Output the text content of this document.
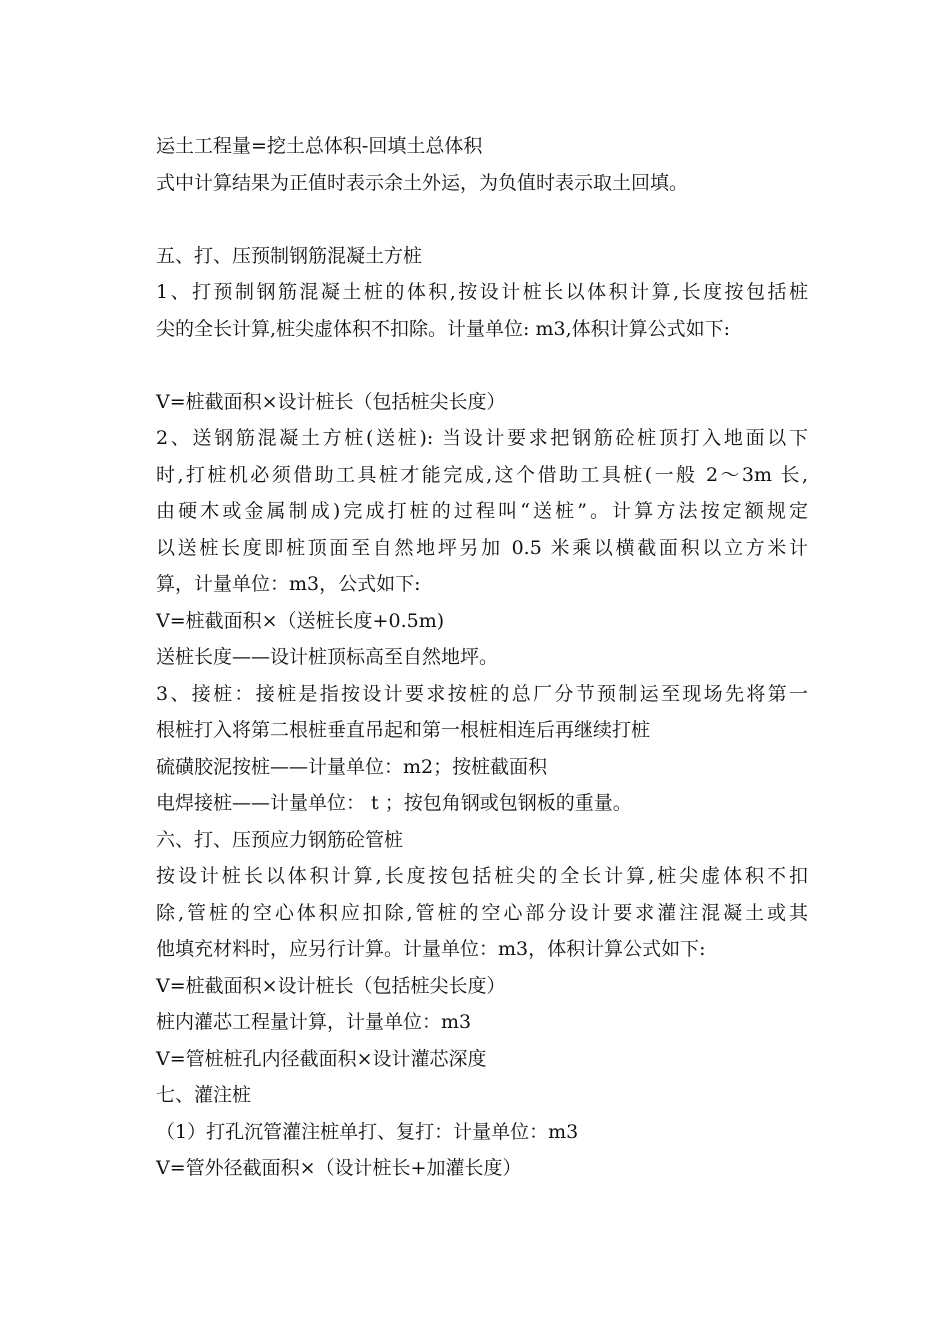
运土工程量=挖土总体积-回填土总体积
式中计算结果为正值时表示余土外运，为负值时表示取土回填。
五、打、压预制钢筋混凝土方桩
1、打预制钢筋混凝土桩的体积,按设计桩长以体积计算,长度按包括桩
尖的全长计算,桩尖虚体积不扣除。计量单位: m3,体积计算公式如下:
V=桩截面积×设计桩长（包括桩尖长度）
2、送钢筋混凝土方桩(送桩): 当设计要求把钢筋砼桩顶打入地面以下
时,打桩机必须借助工具桩才能完成,这个借助工具桩(一般 2～3m 长,
由硬木或金属制成)完成打桩的过程叫“送桩”。计算方法按定额规定
以送桩长度即桩顶面至自然地坪另加 0.5 米乘以横截面积以立方米计
算，计量单位：m3，公式如下:
V=桩截面积×（送桩长度+0.5m)
送桩长度——设计桩顶标高至自然地坪。
3、接桩：接桩是指按设计要求按桩的总厂分节预制运至现场先将第一
根桩打入将第二根桩垂直吊起和第一根桩相连后再继续打桩
硫磺胶泥按桩——计量单位：m2；按桩截面积
电焊接桩——计量单位： t ；按包角钢或包钢板的重量。
六、打、压预应力钢筋砼管桩
按设计桩长以体积计算,长度按包括桩尖的全长计算,桩尖虚体积不扣
除,管桩的空心体积应扣除,管桩的空心部分设计要求灌注混凝土或其
他填充材料时，应另行计算。计量单位：m3，体积计算公式如下:
V=桩截面积×设计桩长（包括桩尖长度）
桩内灌芯工程量计算，计量单位：m3
V=管桩桩孔内径截面积×设计灌芯深度
七、灌注桩
（1）打孔沉管灌注桩单打、复打：计量单位：m3
V=管外径截面积×（设计桩长+加灌长度）
